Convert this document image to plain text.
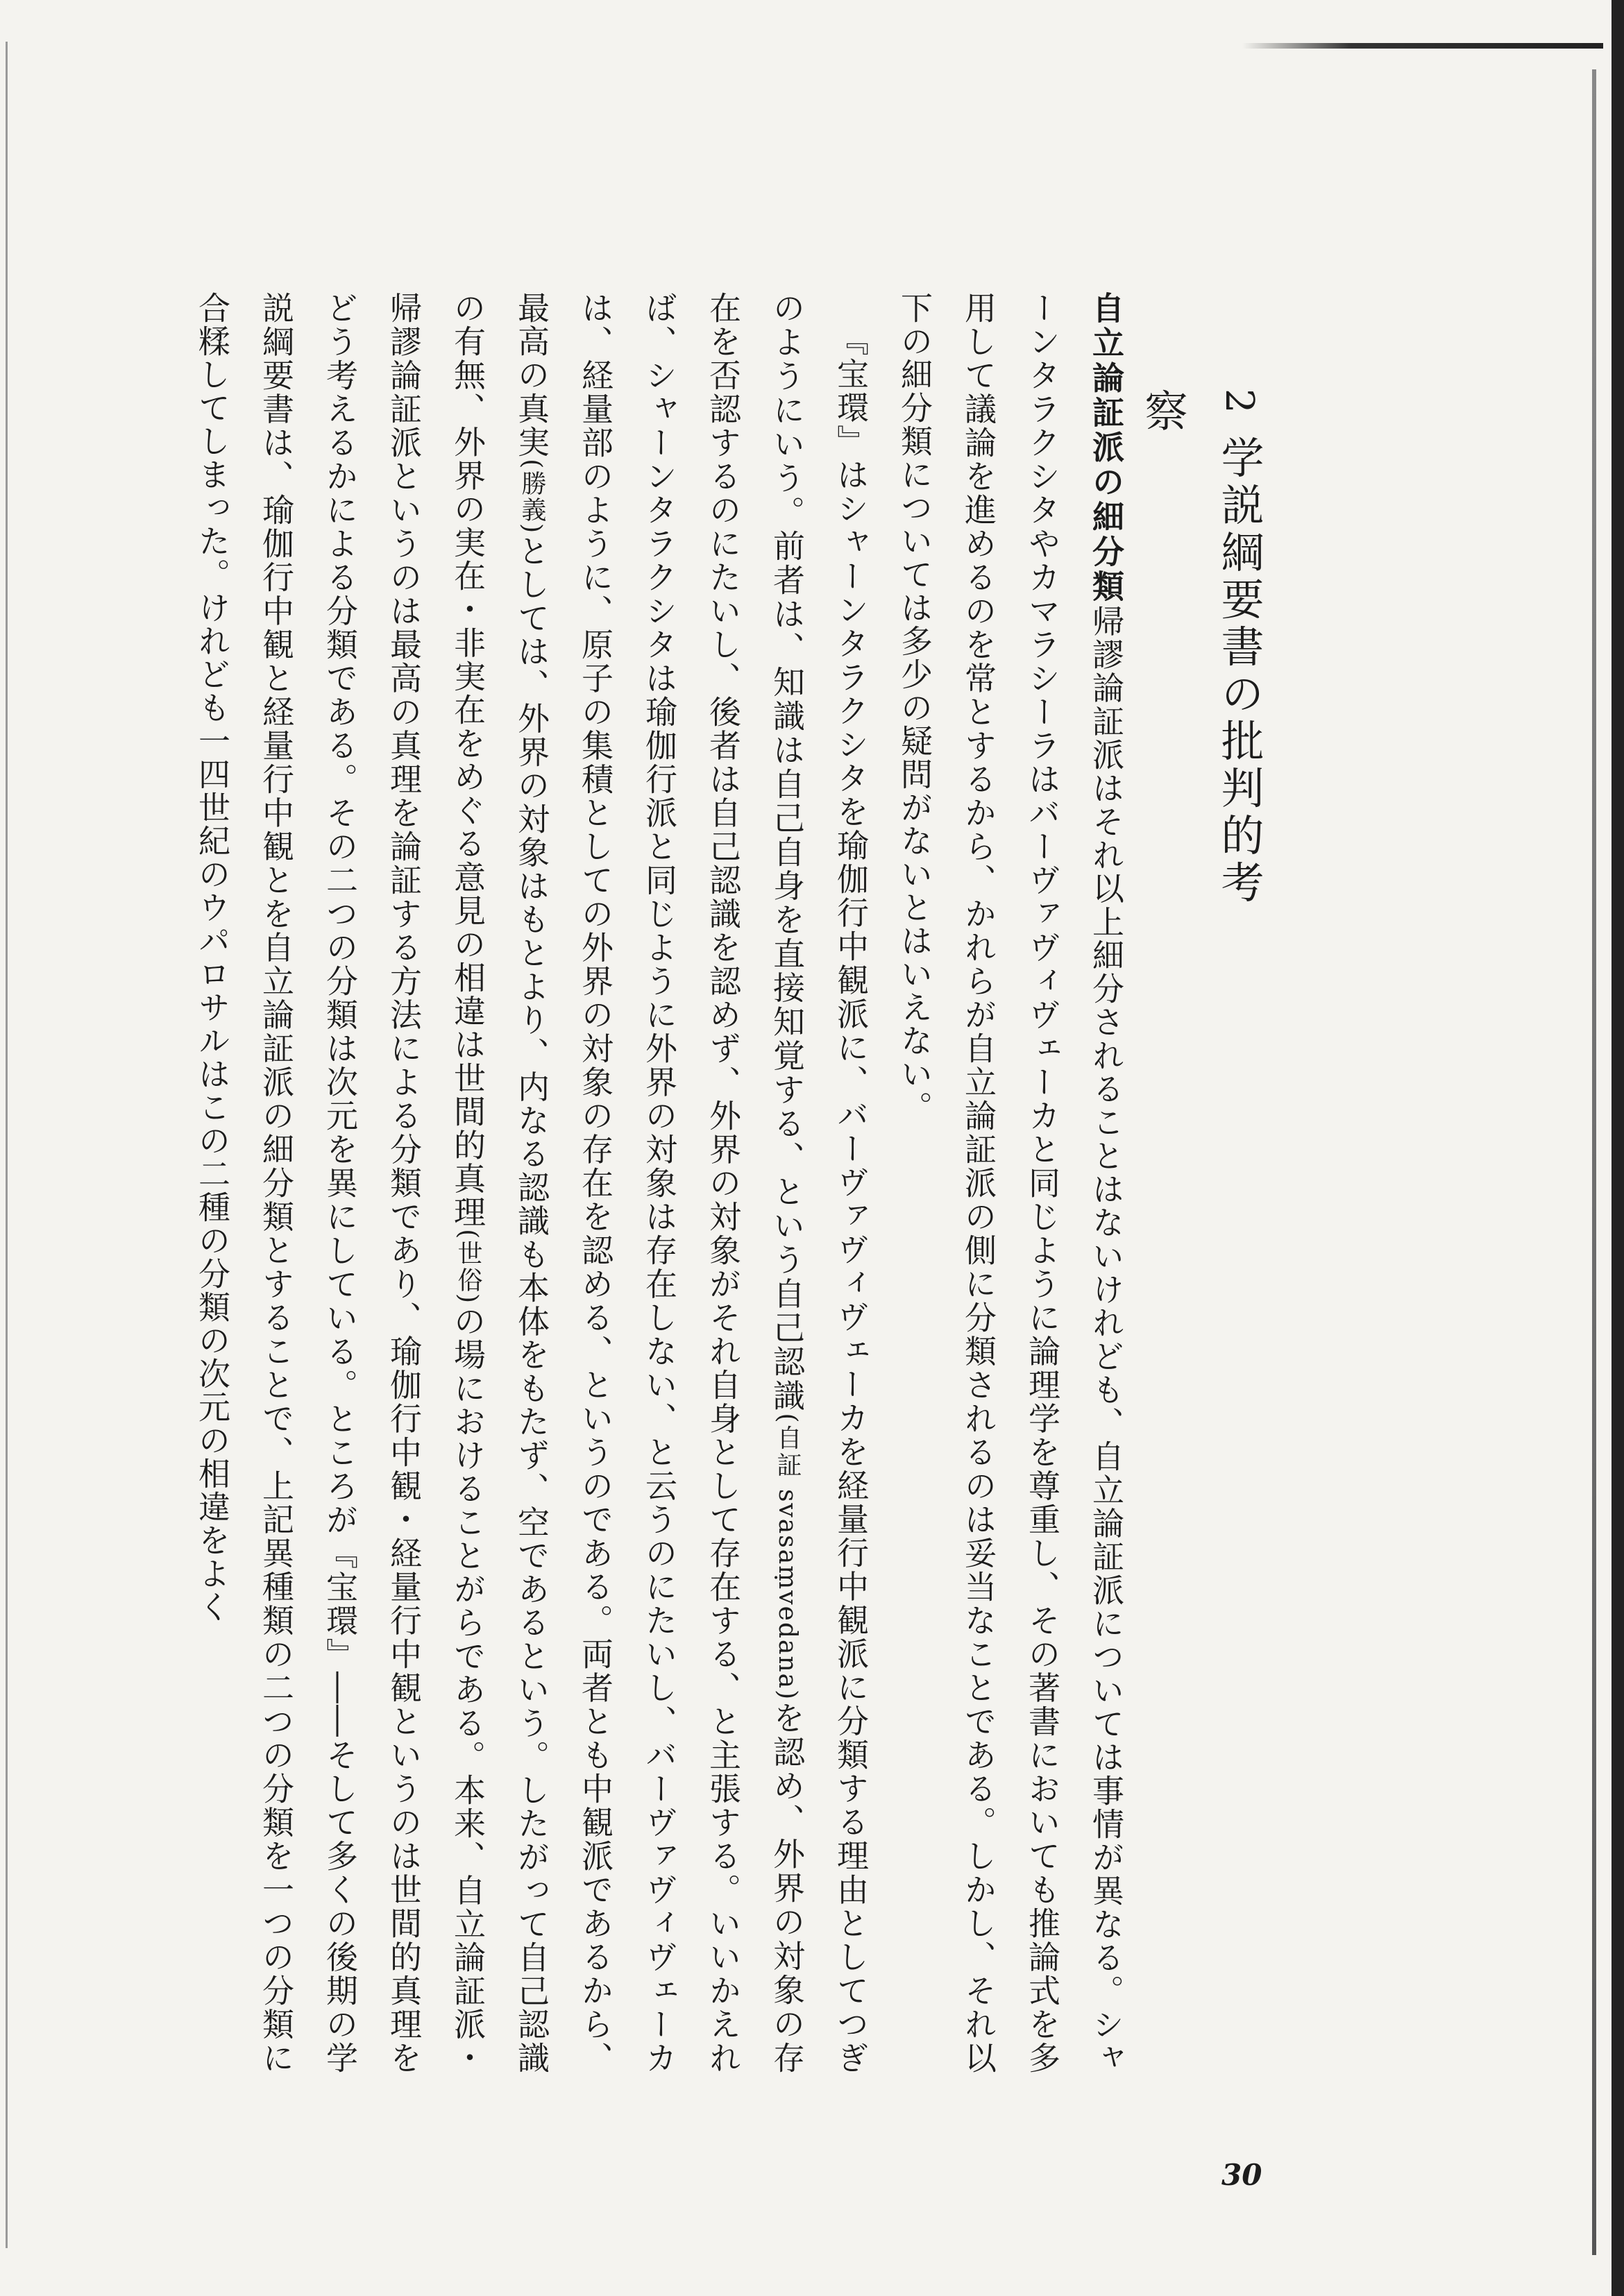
2学説綱要書の批判的考察

自立論証派の細分類帰謬論証派はそれ以上細分されることはないけれども、自立論証派については事情が異なる。シャーンタラクシタやカマラシーラはバーヴァヴィヴェーカと同じように論理学を尊重し、その著書においても推論式を多用して議論を進めるのを常とするから、かれらが自立論証派の側に分類されるのは妥当なことである。しかし、それ以下の細分類については多少の疑問がないとはいえない。

『宝環』はシャーンタラクシタを瑜伽行中観派に、バーヴァヴィヴェーカを経量行中観派に分類する理由としてつぎのようにいう。前者は、知識は自己自身を直接知覚する、という自己認識(自証 svasaṃvedana)を認め、外界の対象の存在を否認するのにたいし、後者は自己認識を認めず、外界の対象がそれ自身として存在する、と主張する。いいかえれば、シャーンタラクシタは瑜伽行派と同じように外界の対象は存在しない、と云うのにたいし、バーヴァヴィヴェーカは、経量部のように、原子の集積としての外界の対象の存在を認める、というのである。両者とも中観派であるから、最高の真実(勝義)としては、外界の対象はもとより、内なる認識も本体をもたず、空であるという。したがって自己認識の有無、外界の実在・非実在をめぐる意見の相違は世間的真理(世俗)の場におけることがらである。本来、自立論証派・帰謬論証派というのは最高の真理を論証する方法による分類であり、瑜伽行中観・経量行中観というのは世間的真理をどう考えるかによる分類である。その二つの分類は次元を異にしている。ところが『宝環』――そして多くの後期の学説綱要書は、瑜伽行中観と経量行中観とを自立論証派の細分類とすることで、上記異種類の二つの分類を一つの分類に合糅してしまった。けれども一四世紀のウパロサルはこの二種の分類の次元の相違をよく

30
